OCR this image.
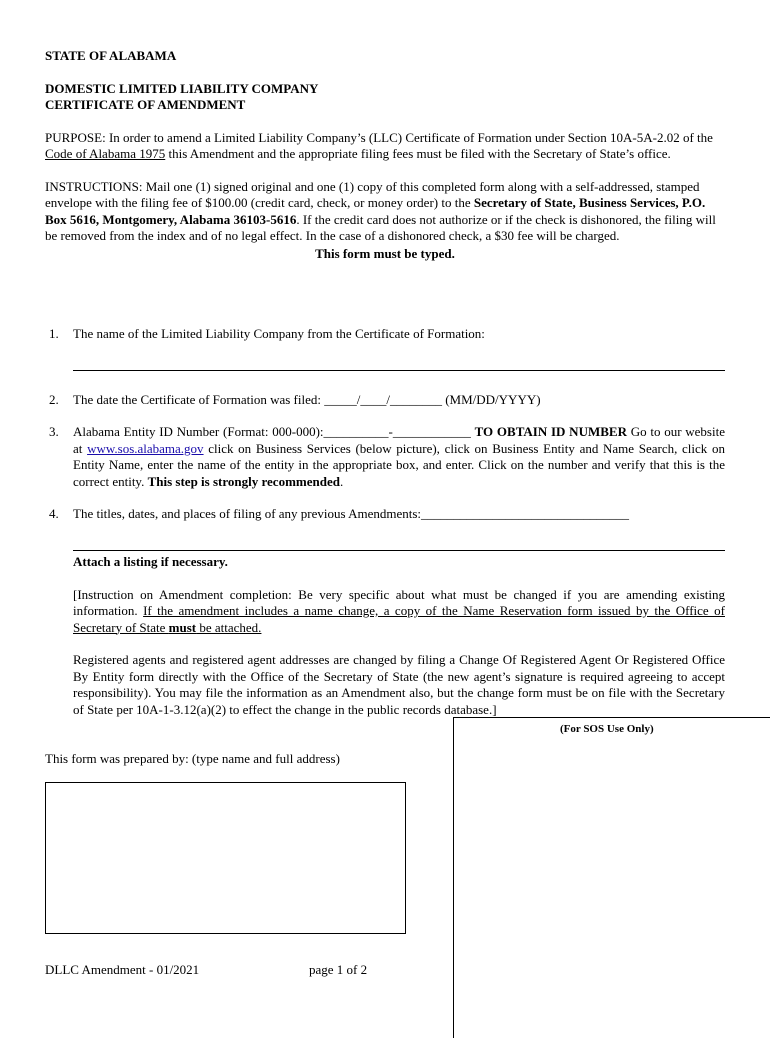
STATE OF ALABAMA

DOMESTIC LIMITED LIABILITY COMPANY

CERTIFICATE OF AMENDMENT

PURPOSE: In order to amend a Limited Liability Company’s (LLC) Certificate of Formation under Section 10A-5A-2.02 of the Code of Alabama 1975 this Amendment and the appropriate filing fees must be filed with the Secretary of State’s office.

INSTRUCTIONS: Mail one (1) signed original and one (1) copy of this completed form along with a self-addressed, stamped envelope with the filing fee of $100.00 (credit card, check, or money order) to the Secretary of State, Business Services, P.O. Box 5616, Montgomery, Alabama 36103-5616. If the credit card does not authorize or if the check is dishonored, the filing will be removed from the index and of no legal effect. In the case of a dishonored check, a $30 fee will be charged.

This form must be typed.

1. The name of the Limited Liability Company from the Certificate of Formation:
2. The date the Certificate of Formation was filed: _____/____/________ (MM/DD/YYYY)
3. Alabama Entity ID Number (Format: 000-000):__________-____________ TO OBTAIN ID NUMBER Go to our website at www.sos.alabama.gov click on Business Services (below picture), click on Business Entity and Name Search, click on Entity Name, enter the name of the entity in the appropriate box, and enter. Click on the number and verify that this is the correct entity. This step is strongly recommended.

4. The titles, dates, and places of filing of any previous Amendments:________________________________

Attach a listing if necessary.

[Instruction on Amendment completion: Be very specific about what must be changed if you are amending existing information. If the amendment includes a name change, a copy of the Name Reservation form issued by the Office of Secretary of State must be attached.

Registered agents and registered agent addresses are changed by filing a Change Of Registered Agent Or Registered Office By Entity form directly with the Office of the Secretary of State (the new agent’s signature is required agreeing to accept responsibility). You may file the information as an Amendment also, but the change form must be on file with the Secretary of State per 10A-1-3.12(a)(2) to effect the change in the public records database.]

(For SOS Use Only)
This form was prepared by: (type name and full address)
DLLC Amendment - 01/2021	page 1 of 2
